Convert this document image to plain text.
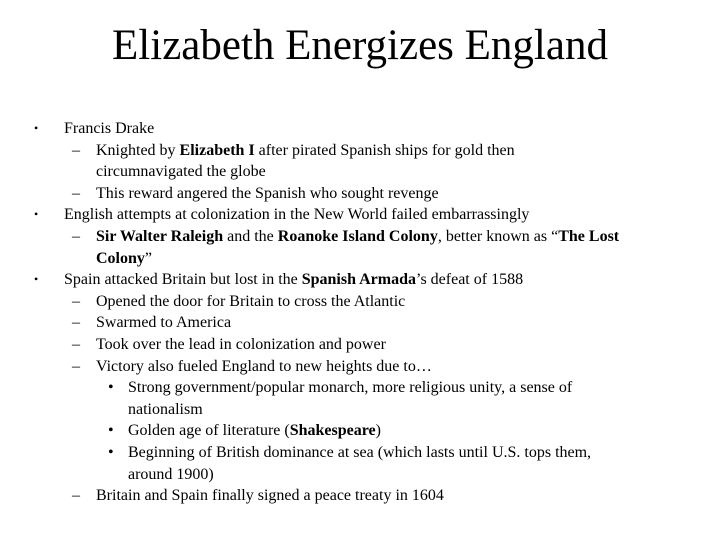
Elizabeth Energizes England
• Francis Drake
– Knighted by Elizabeth I after pirated Spanish ships for gold then
circumnavigated the globe
– This reward angered the Spanish who sought revenge
• English attempts at colonization in the New World failed embarrassingly
– Sir Walter Raleigh and the Roanoke Island Colony, better known as “The Lost
Colony”
• Spain attacked Britain but lost in the Spanish Armada’s defeat of 1588
– Opened the door for Britain to cross the Atlantic
– Swarmed to America
– Took over the lead in colonization and power
– Victory also fueled England to new heights due to…
• Strong government/popular monarch, more religious unity, a sense of
nationalism
• Golden age of literature (Shakespeare)
• Beginning of British dominance at sea (which lasts until U.S. tops them,
around 1900)
– Britain and Spain finally signed a peace treaty in 1604
